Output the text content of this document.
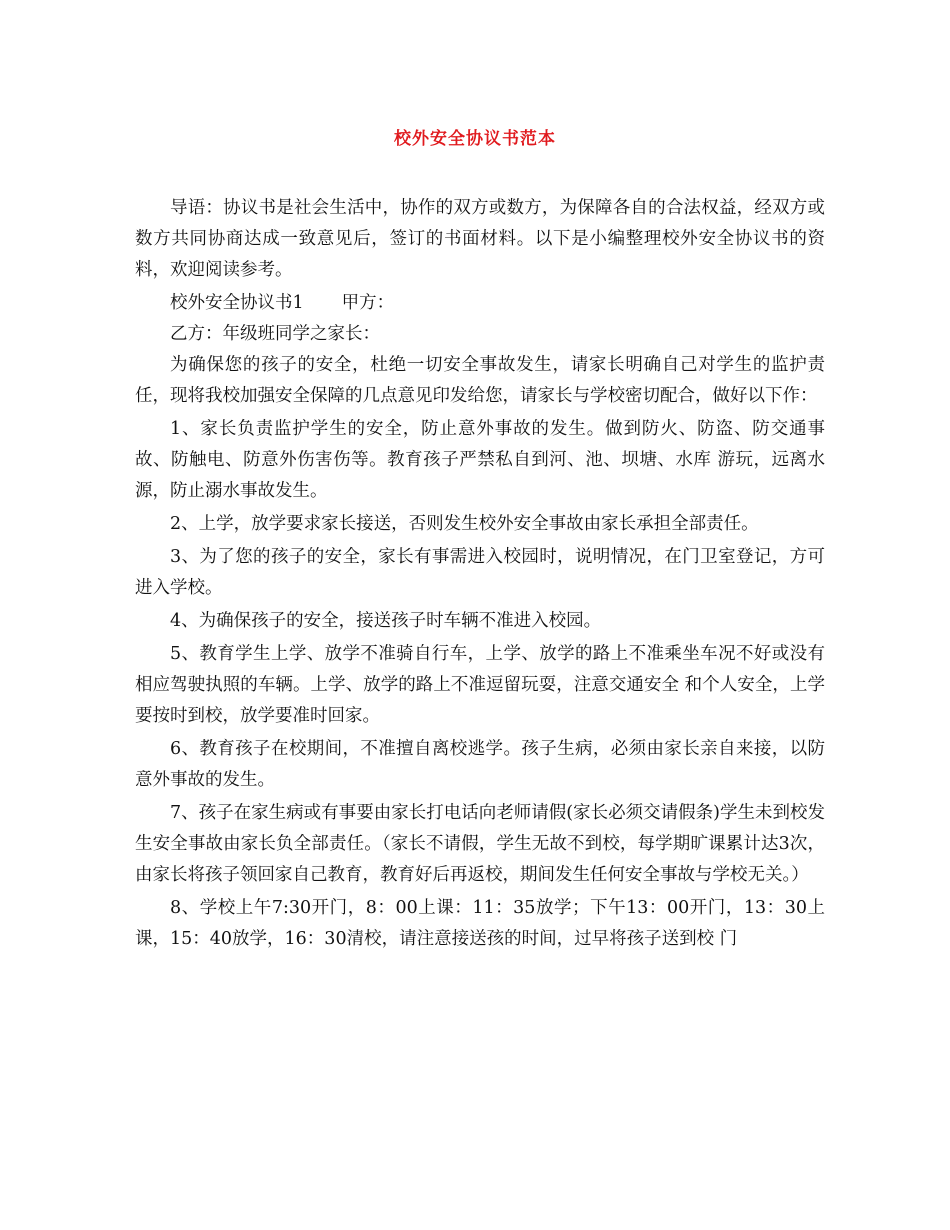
校外安全协议书范本

导语：协议书是社会生活中，协作的双方或数方，为保障各自的合法权益，经双方或数方共同协商达成一致意见后，签订的书面材料。以下是小编整理校外安全协议书的资料，欢迎阅读参考。

校外安全协议书1 甲方：

乙方：年级班同学之家长：

为确保您的孩子的安全，杜绝一切安全事故发生，请家长明确自己对学生的监护责任，现将我校加强安全保障的几点意见印发给您，请家长与学校密切配合，做好以下作：

1、家长负责监护学生的安全，防止意外事故的发生。做到防火、防盗、防交通事故、防触电、防意外伤害伤等。教育孩子严禁私自到河、池、坝塘、水库 游玩，远离水源，防止溺水事故发生。

2、上学，放学要求家长接送，否则发生校外安全事故由家长承担全部责任。

3、为了您的孩子的安全，家长有事需进入校园时，说明情况，在门卫室登记，方可进入学校。

4、为确保孩子的安全，接送孩子时车辆不准进入校园。

5、教育学生上学、放学不准骑自行车，上学、放学的路上不准乘坐车况不好或没有相应驾驶执照的车辆。上学、放学的路上不准逗留玩耍，注意交通安全 和个人安全，上学要按时到校，放学要准时回家。

6、教育孩子在校期间，不准擅自离校逃学。孩子生病，必须由家长亲自来接，以防意外事故的发生。

7、孩子在家生病或有事要由家长打电话向老师请假(家长必须交请假条)学生未到校发生安全事故由家长负全部责任。（家长不请假，学生无故不到校，每学期旷课累计达3次，由家长将孩子领回家自己教育，教育好后再返校，期间发生任何安全事故与学校无关。）

8、学校上午7:30开门，8：00上课：11：35放学；下午13：00开门，13：30上课，15：40放学，16：30清校，请注意接送孩的时间，过早将孩子送到校 门
